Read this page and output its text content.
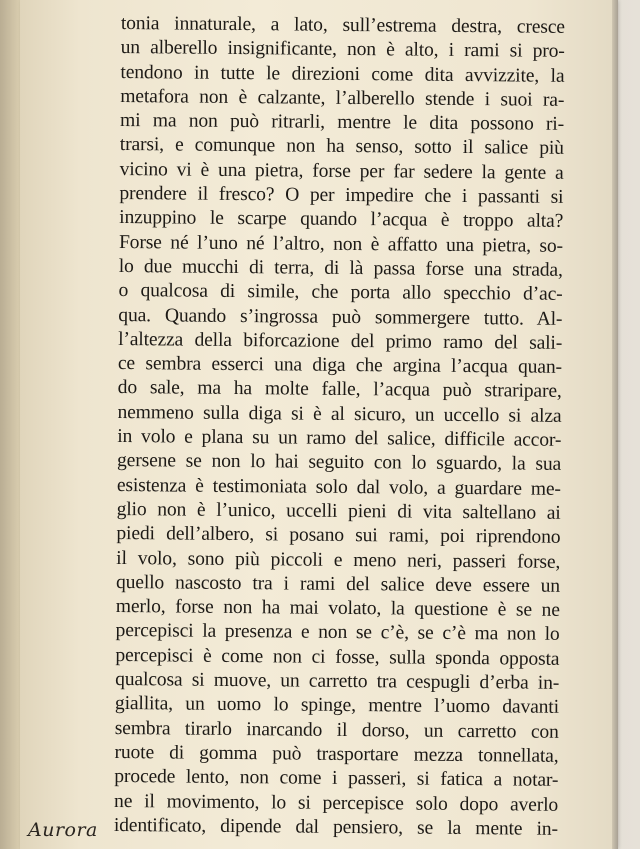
tonia innaturale, a lato, sull’estrema destra, cresce
un alberello insignificante, non è alto, i rami si pro-
tendono in tutte le direzioni come dita avvizzite, la
metafora non è calzante, l’alberello stende i suoi ra-
mi ma non può ritrarli, mentre le dita possono ri-
trarsi, e comunque non ha senso, sotto il salice più
vicino vi è una pietra, forse per far sedere la gente a
prendere il fresco? O per impedire che i passanti si
inzuppino le scarpe quando l’acqua è troppo alta?
Forse né l’uno né l’altro, non è affatto una pietra, so-
lo due mucchi di terra, di là passa forse una strada,
o qualcosa di simile, che porta allo specchio d’ac-
qua. Quando s’ingrossa può sommergere tutto. Al-
l’altezza della biforcazione del primo ramo del sali-
ce sembra esserci una diga che argina l’acqua quan-
do sale, ma ha molte falle, l’acqua può straripare,
nemmeno sulla diga si è al sicuro, un uccello si alza
in volo e plana su un ramo del salice, difficile accor-
gersene se non lo hai seguito con lo sguardo, la sua
esistenza è testimoniata solo dal volo, a guardare me-
glio non è l’unico, uccelli pieni di vita saltellano ai
piedi dell’albero, si posano sui rami, poi riprendono
il volo, sono più piccoli e meno neri, passeri forse,
quello nascosto tra i rami del salice deve essere un
merlo, forse non ha mai volato, la questione è se ne
percepisci la presenza e non se c’è, se c’è ma non lo
percepisci è come non ci fosse, sulla sponda opposta
qualcosa si muove, un carretto tra cespugli d’erba in-
giallita, un uomo lo spinge, mentre l’uomo davanti
sembra tirarlo inarcando il dorso, un carretto con
ruote di gomma può trasportare mezza tonnellata,
procede lento, non come i passeri, si fatica a notar-
ne il movimento, lo si percepisce solo dopo averlo
identificato, dipende dal pensiero, se la mente in-
Aurora
